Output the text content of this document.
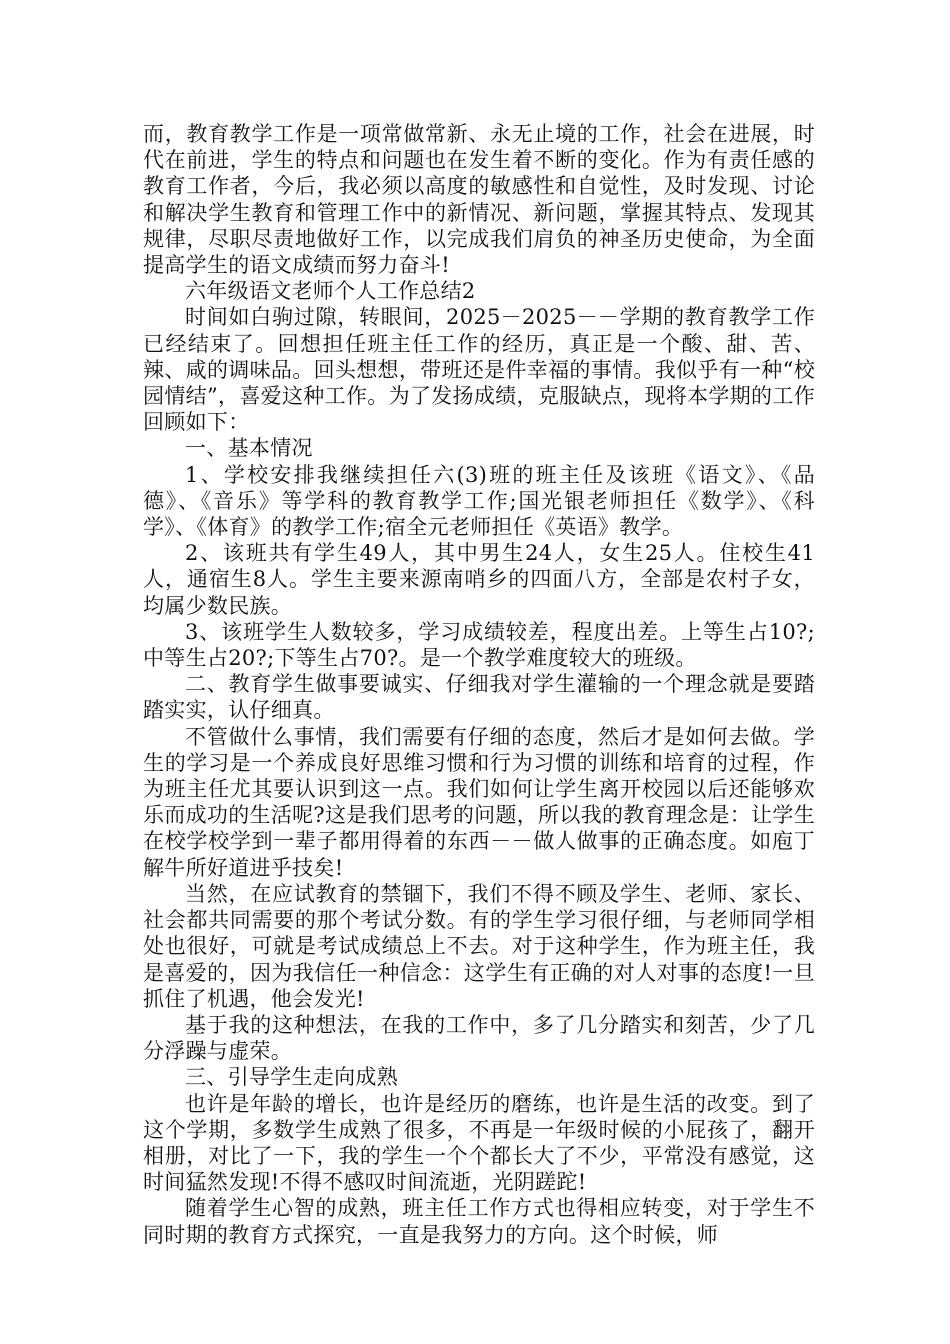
而，教育教学工作是一项常做常新、永无止境的工作，社会在进展，时代在前进，学生的特点和问题也在发生着不断的变化。作为有责任感的教育工作者，今后，我必须以高度的敏感性和自觉性，及时发现、讨论和解决学生教育和管理工作中的新情况、新问题，掌握其特点、发现其规律，尽职尽责地做好工作，以完成我们肩负的神圣历史使命，为全面提高学生的语文成绩而努力奋斗!

六年级语文老师个人工作总结2

时间如白驹过隙，转眼间，2025－2025－－学期的教育教学工作已经结束了。回想担任班主任工作的经历，真正是一个酸、甜、苦、辣、咸的调味品。回头想想，带班还是件幸福的事情。我似乎有一种“校园情结”，喜爱这种工作。为了发扬成绩，克服缺点，现将本学期的工作回顾如下：

一、基本情况

1、学校安排我继续担任六(3)班的班主任及该班《语文》、《品德》、《音乐》等学科的教育教学工作;国光银老师担任《数学》、《科学》、《体育》的教学工作;宿全元老师担任《英语》教学。

2、该班共有学生49人，其中男生24人，女生25人。住校生41人，通宿生8人。学生主要来源南哨乡的四面八方，全部是农村子女，均属少数民族。

3、该班学生人数较多，学习成绩较差，程度出差。上等生占10?;中等生占20?;下等生占70?。是一个教学难度较大的班级。

二、教育学生做事要诚实、仔细我对学生灌输的一个理念就是要踏踏实实，认仔细真。

不管做什么事情，我们需要有仔细的态度，然后才是如何去做。学生的学习是一个养成良好思维习惯和行为习惯的训练和培育的过程，作为班主任尤其要认识到这一点。我们如何让学生离开校园以后还能够欢乐而成功的生活呢?这是我们思考的问题，所以我的教育理念是：让学生在校学校学到一辈子都用得着的东西－－做人做事的正确态度。如庖丁解牛所好道进乎技矣!

当然，在应试教育的禁锢下，我们不得不顾及学生、老师、家长、社会都共同需要的那个考试分数。有的学生学习很仔细，与老师同学相处也很好，可就是考试成绩总上不去。对于这种学生，作为班主任，我是喜爱的，因为我信任一种信念：这学生有正确的对人对事的态度!一旦抓住了机遇，他会发光!

基于我的这种想法，在我的工作中，多了几分踏实和刻苦，少了几分浮躁与虚荣。

三、引导学生走向成熟

也许是年龄的增长，也许是经历的磨练，也许是生活的改变。到了这个学期，多数学生成熟了很多，不再是一年级时候的小屁孩了，翻开相册，对比了一下，我的学生一个个都长大了不少，平常没有感觉，这时间猛然发现!不得不感叹时间流逝，光阴蹉跎!

随着学生心智的成熟，班主任工作方式也得相应转变，对于学生不同时期的教育方式探究，一直是我努力的方向。这个时候，师
